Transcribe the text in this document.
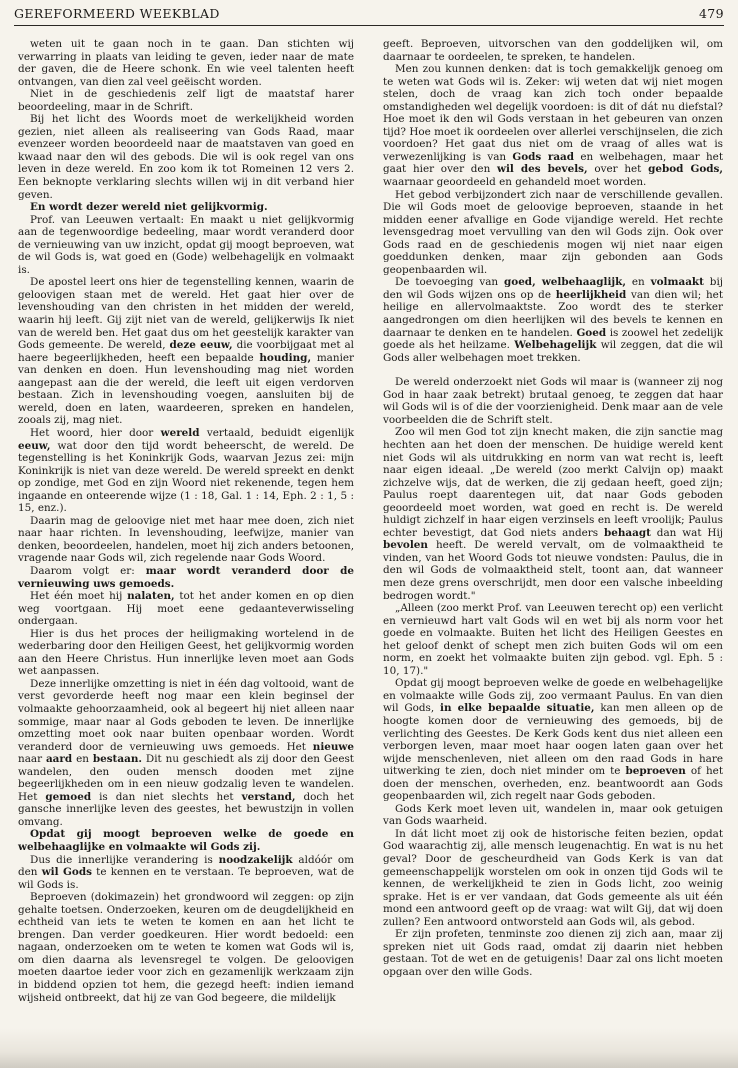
GEREFORMEERD WEEKBLAD	479

weten uit te gaan noch in te gaan. Dan stichten wij verwarring in plaats van leiding te geven, ieder naar de mate der gaven, die de Heere schonk. En wie veel talenten heeft ontvangen, van dien zal veel geëischt worden.

Niet in de geschiedenis zelf ligt de maatstaf harer beoordeeling, maar in de Schrift.

Bij het licht des Woords moet de werkelijkheid worden gezien, niet alleen als realiseering van Gods Raad, maar evenzeer worden beoordeeld naar de maatstaven van goed en kwaad naar den wil des gebods. Die wil is ook regel van ons leven in deze wereld. En zoo kom ik tot Romeinen 12 vers 2. Een beknopte verklaring slechts willen wij in dit verband hier geven.

En wordt dezer wereld niet gelijkvormig.

Prof. van Leeuwen vertaalt: En maakt u niet gelijkvormig aan de tegenwoordige bedeeling, maar wordt veranderd door de vernieuwing van uw inzicht, opdat gij moogt beproeven, wat de wil Gods is, wat goed en (Gode) welbehagelijk en volmaakt is.

De apostel leert ons hier de tegenstelling kennen, waarin de geloovigen staan met de wereld. Het gaat hier over de levenshouding van den christen in het midden der wereld, waarin hij leeft. Gij zijt niet van de wereld, gelijkerwijs Ik niet van de wereld ben. Het gaat dus om het geestelijk karakter van Gods gemeente. De wereld, deze eeuw, die voorbijgaat met al haere begeerlijkheden, heeft een bepaalde houding, manier van denken en doen. Hun levenshouding mag niet worden aangepast aan die der wereld, die leeft uit eigen verdorven bestaan. Zich in levenshouding voegen, aansluiten bij de wereld, doen en laten, waardeeren, spreken en handelen, zooals zij, mag niet.

Het woord, hier door wereld vertaald, beduidt eigenlijk eeuw, wat door den tijd wordt beheerscht, de wereld. De tegenstelling is het Koninkrijk Gods, waarvan Jezus zei: mijn Koninkrijk is niet van deze wereld. De wereld spreekt en denkt op zondige, met God en zijn Woord niet rekenende, tegen hem ingaande en onteerende wijze (1 : 18, Gal. 1 : 14, Eph. 2 : 1, 5 : 15, enz.).

Daarin mag de geloovige niet met haar mee doen, zich niet naar haar richten. In levenshouding, leefwijze, manier van denken, beoordeelen, handelen, moet hij zich anders betoonen, vragende naar Gods wil, zich regelende naar Gods Woord.

Daarom volgt er: maar wordt veranderd door de vernieuwing uws gemoeds.

Het één moet hij nalaten, tot het ander komen en op dien weg voortgaan. Hij moet eene gedaanteverwisseling ondergaan.

Hier is dus het proces der heiligmaking wortelend in de wederbaring door den Heiligen Geest, het gelijkvormig worden aan den Heere Christus. Hun innerlijke leven moet aan Gods wet aanpassen.

Deze innerlijke omzetting is niet in één dag voltooid, want de verst gevorderde heeft nog maar een klein beginsel der volmaakte gehoorzaamheid, ook al begeert hij niet alleen naar sommige, maar naar al Gods geboden te leven. De innerlijke omzetting moet ook naar buiten openbaar worden. Wordt veranderd door de vernieuwing uws gemoeds. Het nieuwe naar aard en bestaan. Dit nu geschiedt als zij door den Geest wandelen, den ouden mensch dooden met zijne begeerlijkheden om in een nieuw godzalig leven te wandelen. Het gemoed is dan niet slechts het verstand, doch het gansche innerlijke leven des geestes, het bewustzijn in vollen omvang.

Opdat gij moogt beproeven welke de goede en welbehaaglijke en volmaakte wil Gods zij.

Dus die innerlijke verandering is noodzakelijk aldóór om den wil Gods te kennen en te verstaan. Te beproeven, wat de wil Gods is.

Beproeven (dokimazein) het grondwoord wil zeggen: op zijn gehalte toetsen. Onderzoeken, keuren om de deugdelijkheid en echtheid van iets te weten te komen en aan het licht te brengen. Dan verder goedkeuren. Hier wordt bedoeld: een nagaan, onderzoeken om te weten te komen wat Gods wil is, om dien daarna als levensregel te volgen. De geloovigen moeten daartoe ieder voor zich en gezamenlijk werkzaam zijn in biddend opzien tot hem, die gezegd heeft: indien iemand wijsheid ontbreekt, dat hij ze van God begeere, die mildelijk

geeft. Beproeven, uitvorschen van den goddelijken wil, om daarnaar te oordeelen, te spreken, te handelen.

Men zou kunnen denken: dat is toch gemakkelijk genoeg om te weten wat Gods wil is. Zeker: wij weten dat wij niet mogen stelen, doch de vraag kan zich toch onder bepaalde omstandigheden wel degelijk voordoen: is dit of dát nu diefstal? Hoe moet ik den wil Gods verstaan in het gebeuren van onzen tijd? Hoe moet ik oordeelen over allerlei verschijnselen, die zich voordoen? Het gaat dus niet om de vraag of alles wat is verwezenlijking is van Gods raad en welbehagen, maar het gaat hier over den wil des bevels, over het gebod Gods, waarnaar geoordeeld en gehandeld moet worden.

Het gebod verbijzondert zich naar de verschillende gevallen. Die wil Gods moet de geloovige beproeven, staande in het midden eener afvallige en Gode vijandige wereld. Het rechte levensgedrag moet vervulling van den wil Gods zijn. Ook over Gods raad en de geschiedenis mogen wij niet naar eigen goeddunken denken, maar zijn gebonden aan Gods geopenbaarden wil.

De toevoeging van goed, welbehaaglijk, en volmaakt bij den wil Gods wijzen ons op de heerlijkheid van dien wil; het heilige en allervolmaaktste. Zoo wordt des te sterker aangedrongen om dien heerlijken wil des bevels te kennen en daarnaar te denken en te handelen. Goed is zoowel het zedelijk goede als het heilzame. Welbehagelijk wil zeggen, dat die wil Gods aller welbehagen moet trekken.

De wereld onderzoekt niet Gods wil maar is (wanneer zij nog God in haar zaak betrekt) brutaal genoeg, te zeggen dat haar wil Gods wil is of die der voorzienigheid. Denk maar aan de vele voorbeelden die de Schrift stelt.

Zoo wil men God tot zijn knecht maken, die zijn sanctie mag hechten aan het doen der menschen. De huidige wereld kent niet Gods wil als uitdrukking en norm van wat recht is, leeft naar eigen ideaal. „De wereld (zoo merkt Calvijn op) maakt zichzelve wijs, dat de werken, die zij gedaan heeft, goed zijn; Paulus roept daarentegen uit, dat naar Gods geboden geoordeeld moet worden, wat goed en recht is. De wereld huldigt zichzelf in haar eigen verzinsels en leeft vroolijk; Paulus echter bevestigt, dat God niets anders behaagt dan wat Hij bevolen heeft. De wereld vervalt, om de volmaaktheid te vinden, van het Woord Gods tot nieuwe vondsten: Paulus, die in den wil Gods de volmaaktheid stelt, toont aan, dat wanneer men deze grens overschrijdt, men door een valsche inbeelding bedrogen wordt."

„Alleen (zoo merkt Prof. van Leeuwen terecht op) een verlicht en vernieuwd hart valt Gods wil en wet bij als norm voor het goede en volmaakte. Buiten het licht des Heiligen Geestes en het geloof denkt of schept men zich buiten Gods wil om een norm, en zoekt het volmaakte buiten zijn gebod. vgl. Eph. 5 : 10, 17)."

Opdat gij moogt beproeven welke de goede en welbehagelijke en volmaakte wille Gods zij, zoo vermaant Paulus. En van dien wil Gods, in elke bepaalde situatie, kan men alleen op de hoogte komen door de vernieuwing des gemoeds, bij de verlichting des Geestes. De Kerk Gods kent dus niet alleen een verborgen leven, maar moet haar oogen laten gaan over het wijde menschenleven, niet alleen om den raad Gods in hare uitwerking te zien, doch niet minder om te beproeven of het doen der menschen, overheden, enz. beantwoordt aan Gods geopenbaarden wil, zich regelt naar Gods geboden.

Gods Kerk moet leven uit, wandelen in, maar ook getuigen van Gods waarheid.

In dát licht moet zij ook de historische feiten bezien, opdat God waarachtig zij, alle mensch leugenachtig. En wat is nu het geval? Door de gescheurdheid van Gods Kerk is van dat gemeenschappelijk worstelen om ook in onzen tijd Gods wil te kennen, de werkelijkheid te zien in Gods licht, zoo weinig sprake. Het is er ver vandaan, dat Gods gemeente als uit één mond een antwoord geeft op de vraag: wat wilt Gij, dat wij doen zullen? Een antwoord ontworsteld aan Gods wil, als gebod.

Er zijn profeten, tenminste zoo dienen zij zich aan, maar zij spreken niet uit Gods raad, omdat zij daarin niet hebben gestaan. Tot de wet en de getuigenis! Daar zal ons licht moeten opgaan over den wille Gods.
